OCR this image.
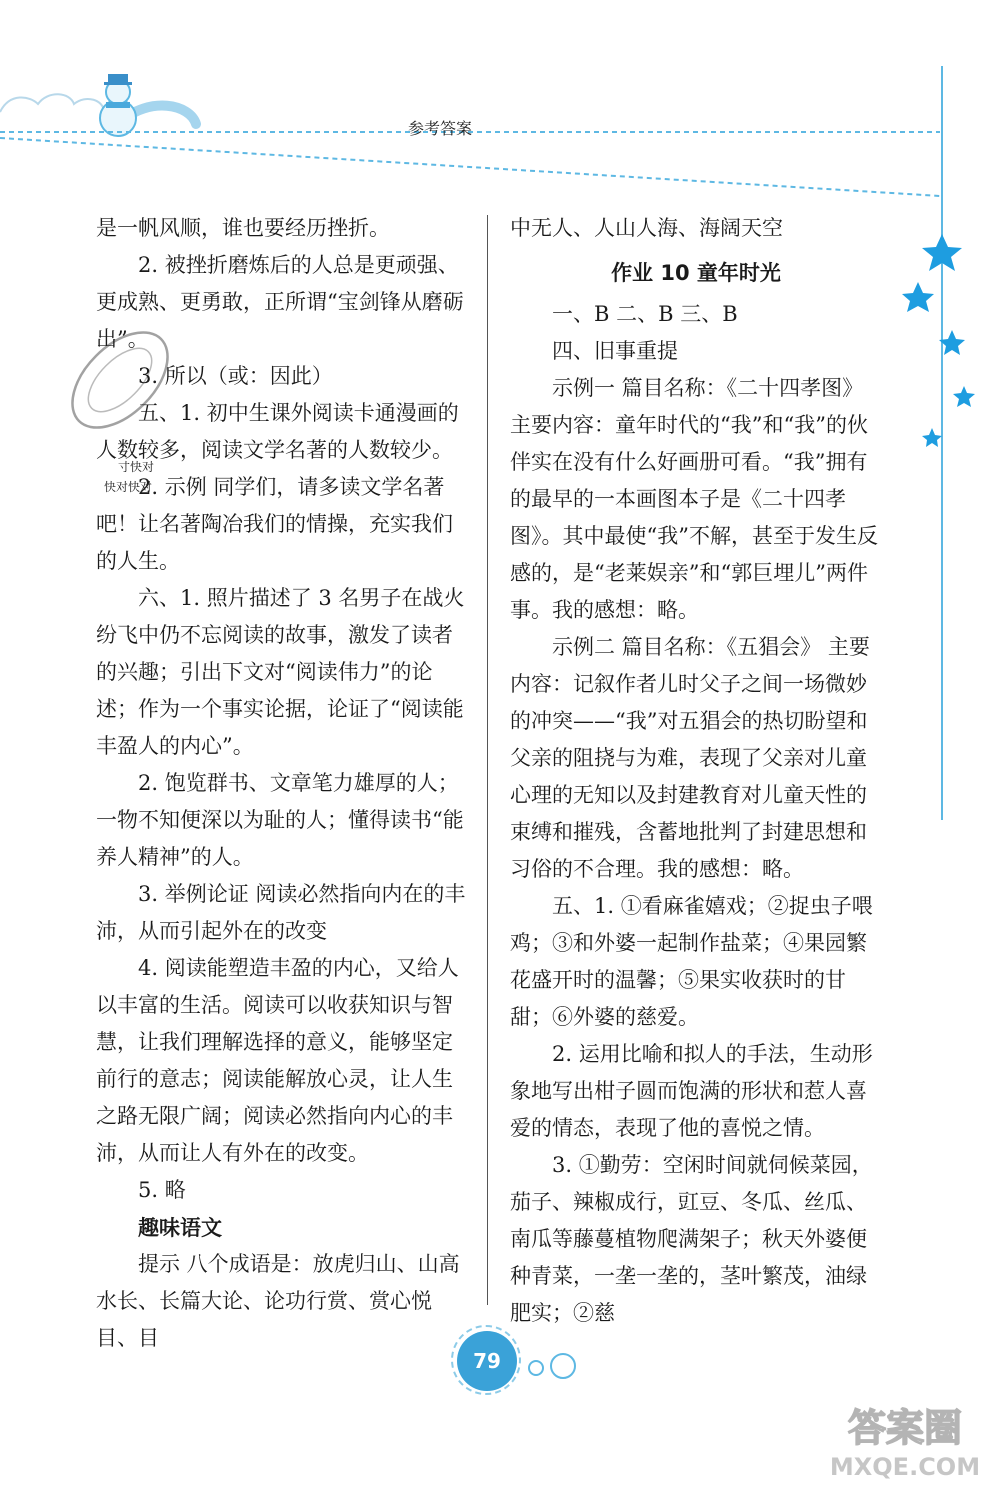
参考答案
寸快对
快对快对

是一帆风顺，谁也要经历挫折。

2. 被挫折磨炼后的人总是更顽强、更成熟、更勇敢，正所谓“宝剑锋从磨砺出”。

3. 所以（或：因此）

五、1. 初中生课外阅读卡通漫画的人数较多，阅读文学名著的人数较少。

2. 示例 同学们，请多读文学名著吧！让名著陶冶我们的情操，充实我们的人生。

六、1. 照片描述了 3 名男子在战火纷飞中仍不忘阅读的故事，激发了读者的兴趣；引出下文对“阅读伟力”的论述；作为一个事实论据，论证了“阅读能丰盈人的内心”。

2. 饱览群书、文章笔力雄厚的人；一物不知便深以为耻的人；懂得读书“能养人精神”的人。

3. 举例论证 阅读必然指向内在的丰沛，从而引起外在的改变

4. 阅读能塑造丰盈的内心，又给人以丰富的生活。阅读可以收获知识与智慧，让我们理解选择的意义，能够坚定前行的意志；阅读能解放心灵，让人生之路无限广阔；阅读必然指向内心的丰沛，从而让人有外在的改变。

5. 略

趣味语文

提示 八个成语是：放虎归山、山高水长、长篇大论、论功行赏、赏心悦目、目

中无人、人山人海、海阔天空

作业 10 童年时光

一、B 二、B 三、B

四、旧事重提

示例一 篇目名称：《二十四孝图》 主要内容：童年时代的“我”和“我”的伙伴实在没有什么好画册可看。“我”拥有的最早的一本画图本子是《二十四孝图》。其中最使“我”不解，甚至于发生反感的，是“老莱娱亲”和“郭巨埋儿”两件事。我的感想：略。

示例二 篇目名称：《五猖会》 主要内容：记叙作者儿时父子之间一场微妙的冲突——“我”对五猖会的热切盼望和父亲的阻挠与为难，表现了父亲对儿童心理的无知以及封建教育对儿童天性的束缚和摧残，含蓄地批判了封建思想和习俗的不合理。我的感想：略。

五、1. ①看麻雀嬉戏；②捉虫子喂鸡；③和外婆一起制作盐菜；④果园繁花盛开时的温馨；⑤果实收获时的甘甜；⑥外婆的慈爱。

2. 运用比喻和拟人的手法，生动形象地写出柑子圆而饱满的形状和惹人喜爱的情态，表现了他的喜悦之情。

3. ①勤劳：空闲时间就伺候菜园，茄子、辣椒成行，豇豆、冬瓜、丝瓜、南瓜等藤蔓植物爬满架子；秋天外婆便种青菜，一垄一垄的，茎叶繁茂，油绿肥实；②慈

79
答案圈
MXQE.COM
